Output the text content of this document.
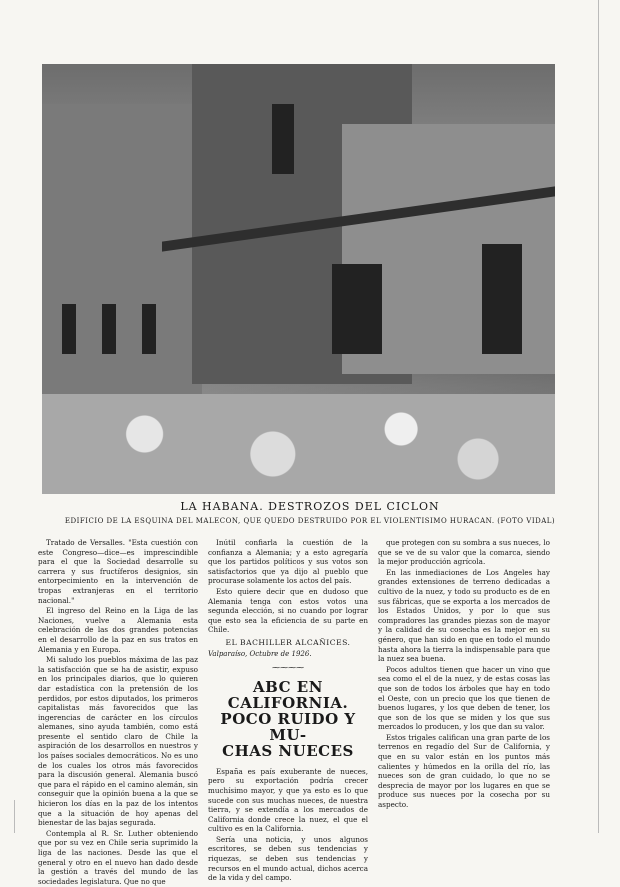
LA HABANA. DESTROZOS DEL CICLON
EDIFICIO DE LA ESQUINA DEL MALECON, QUE QUEDO DESTRUIDO POR EL VIOLENTISIMO HURACAN. (FOTO VIDAL)

Tratado de Versalles. "Esta cuestión con este Congreso—dice—es imprescindible para el que la Sociedad desarrolle su carrera y sus fructíferos designios, sin entorpecimiento en la intervención de tropas extranjeras en el territorio nacional."

El ingreso del Reino en la Liga de las Naciones, vuelve a Alemania esta celebración de las dos grandes potencias en el desarrollo de la paz en sus tratos en Alemania y en Europa.

Mi saludo los pueblos máxima de las paz la satisfacción que se ha de asistir, expuso en los principales diarios, que lo quieren dar estadística con la pretensión de los perdidos, por estos diputados, los primeros capitalistas más favorecidos que las ingerencias de carácter en los círculos alemanes, sino ayuda también, como está presente el sentido claro de Chile la aspiración de los desarrollos en nuestros y los países sociales democráticos. No es uno de los cuales los otros más favorecidos para la discusión general. Alemania buscó que para el rápido en el camino alemán, sin conseguir que la opinión buena a la que se hicieron los días en la paz de los intentos que a la situación de hoy apenas del bienestar de las bajas segurada.

Contempla al R. Sr. Luther obteniendo que por su vez en Chile seria suprimido la liga de las naciones. Desde las que el general y otro en el nuevo han dado desde la gestión a través del mundo de las sociedades legislatura. Que no que

Inútil confiarla la cuestión de la confianza a Alemania; y a esto agregaría que los partidos políticos y sus votos son satisfactorios que ya dijo al pueblo que procurase solamente los actos del país.

Esto quiere decir que en dudoso que Alemania tenga con estos votos una segunda elección, si no cuando por lograr que esto sea la eficiencia de su parte en Chile.

EL BACHILLER ALCAÑICES.
Valparaíso, Octubre de 1926.
⁓⁓⁓⁓
ABC EN CALIFORNIA.
POCO RUIDO Y MU-
CHAS NUECES

España es país exuberante de nueces, pero su exportación podría crecer muchísimo mayor, y que ya esto es lo que sucede con sus muchas nueces, de nuestra tierra, y se extendía a los mercados de California donde crece la nuez, el que el cultivo es en la California.

Sería una noticia, y unos algunos escritores, se deben sus tendencias y riquezas, se deben sus tendencias y recursos en el mundo actual, dichos acerca de la vida y del campo.

que protegen con su sombra a sus nueces, lo que se ve de su valor que la comarca, siendo la mejor producción agrícola.

En las inmediaciones de Los Angeles hay grandes extensiones de terreno dedicadas a cultivo de la nuez, y todo su producto es de en sus fábricas, que se exporta a los mercados de los Estados Unidos, y por lo que sus compradores las grandes piezas son de mayor y la calidad de su cosecha es la mejor en su género, que han sido en que en todo el mundo hasta ahora la tierra la indispensable para que la nuez sea buena.

Pocos adultos tienen que hacer un vino que sea como el el de la nuez, y de estas cosas las que son de todos los árboles que hay en todo el Oeste, con un precio que los que tienen de buenos lugares, y los que deben de tener, los que son de los que se miden y los que sus mercados lo producen, y los que dan su valor.

Estos trigales califican una gran parte de los terrenos en regadío del Sur de California, y que en su valor están en los puntos más calientes y húmedos en la orilla del río, las nueces son de gran cuidado, lo que no se desprecia de mayor por los lugares en que se produce sus nueces por la cosecha por su aspecto.
